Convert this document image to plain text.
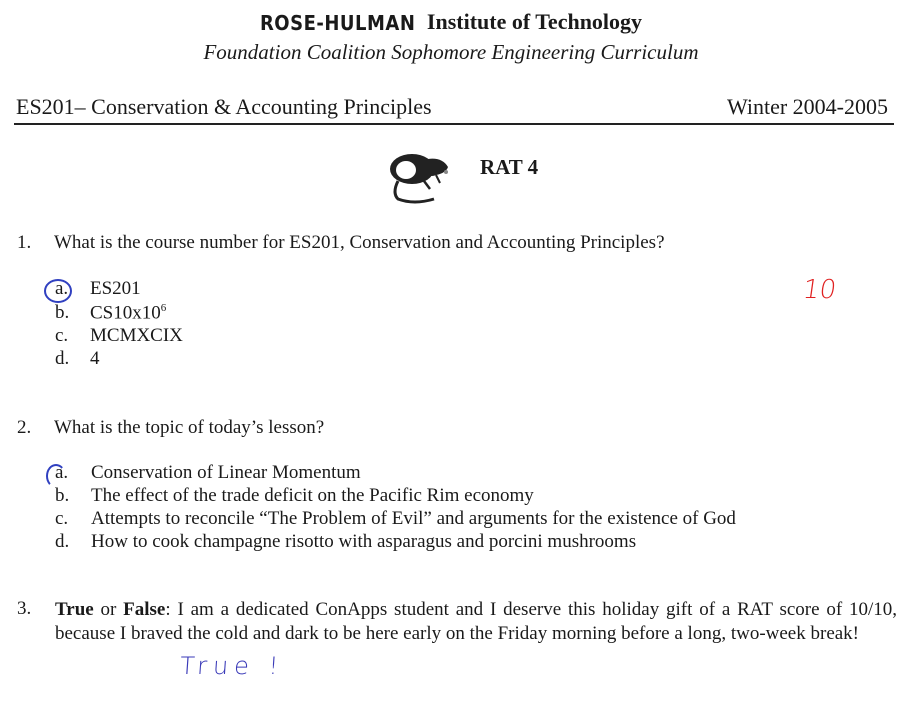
ROSE-HULMAN Institute of Technology
Foundation Coalition Sophomore Engineering Curriculum
ES201– Conservation & Accounting Principles	Winter 2004-2005
RAT 4
1. What is the course number for ES201, Conservation and Accounting Principles?
a. ES201
b. $CS10x10^6$
c. MCMXCIX
d. 4
10
2. What is the topic of today’s lesson?
a. Conservation of Linear Momentum
b. The effect of the trade deficit on the Pacific Rim economy
c. Attempts to reconcile “The Problem of Evil” and arguments for the existence of God
d. How to cook champagne risotto with asparagus and porcini mushrooms
3. True or False: I am a dedicated ConApps student and I deserve this holiday gift of a RAT score of 10/10, because I braved the cold and dark to be here early on the Friday morning before a long, two-week break!
True !
